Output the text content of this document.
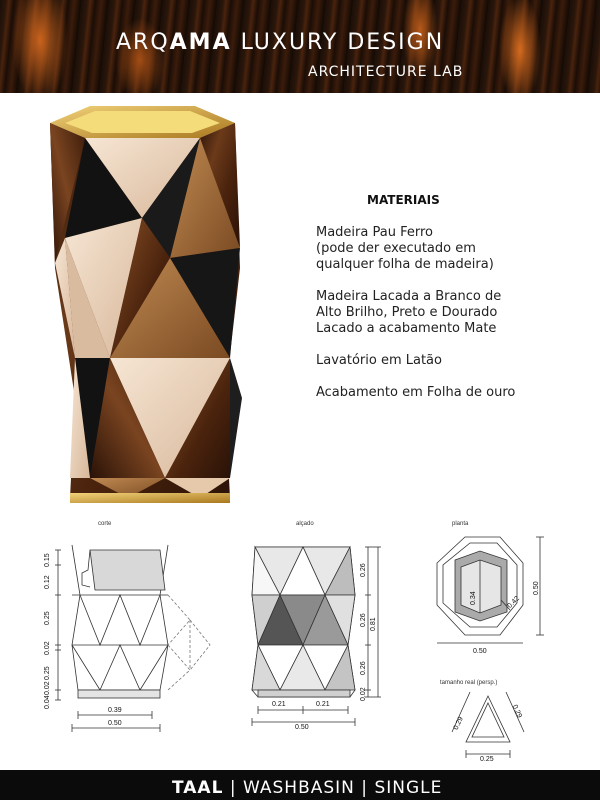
ARQAMA LUXURY DESIGN
ARCHITECTURE LAB
MATERIAIS
Madeira Pau Ferro
(pode der executado em
qualquer folha de madeira)
Madeira Lacada a Branco de
Alto Brilho, Preto e Dourado
Lacado a acabamento Mate
Lavatório em Latão
Acabamento em Folha de ouro
corte
0.15
0.12
0.25
0.02
0.25
0.02
0.04
0.39
0.50
alçado
0.26
0.26
0.26
0.02
0.81
0.21	0.21
0.50
planta
0.34	0.42
0.50
0.50
tamanho real (persp.)
0.29
0.29
0.25
TAAL | WASHBASIN | SINGLE
